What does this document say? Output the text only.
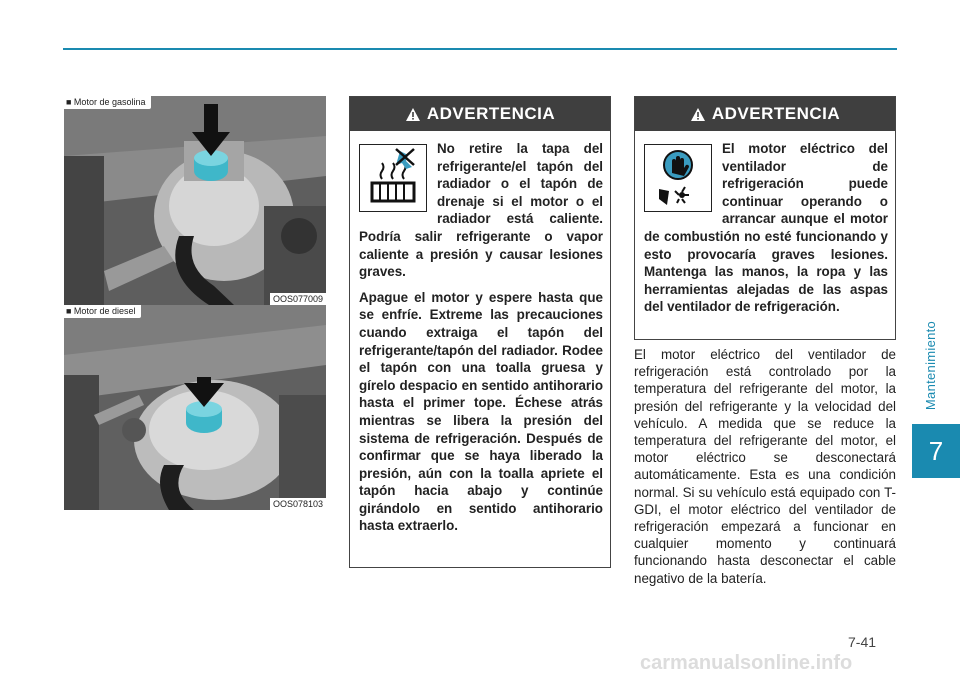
■ Motor de gasolina
OOS077009
■ Motor de diesel
OOS078103
ADVERTENCIA

No retire la tapa del refrigerante/el tapón del radiador o el tapón de drenaje si el motor o el radiador está caliente. Podría salir refrigerante o vapor caliente a presión y causar lesiones graves.

Apague el motor y espere hasta que se enfríe. Extreme las precauciones cuando extraiga el tapón del refrigerante/tapón del radiador. Rodee el tapón con una toalla gruesa y gírelo despacio en sentido antihorario hasta el primer tope. Échese atrás mientras se libera la presión del sistema de refrigeración. Después de confirmar que se haya liberado la presión, aún con la toalla apriete el tapón hacia abajo y continúe girándolo en sentido antihorario hasta extraerlo.

ADVERTENCIA

El motor eléctrico del ventilador de refrigeración puede continuar operando o arrancar aunque el motor de combustión no esté funcionando y esto provocaría graves lesiones. Mantenga las manos, la ropa y las herramientas alejadas de las aspas del ventilador de refrigeración.

El motor eléctrico del ventilador de refrigeración está controlado por la temperatura del refrigerante del motor, la presión del refrigerante y la velocidad del vehículo. A medida que se reduce la temperatura del refrigerante del motor, el motor eléctrico se desconectará automáticamente. Esta es una condición normal. Si su vehículo está equipado con T-GDI, el motor eléctrico del ventilador de refrigeración empezará a funcionar en cualquier momento y continuará funcionando hasta desconectar el cable negativo de la batería.
Mantenimiento
7
7-41
carmanualsonline.info
